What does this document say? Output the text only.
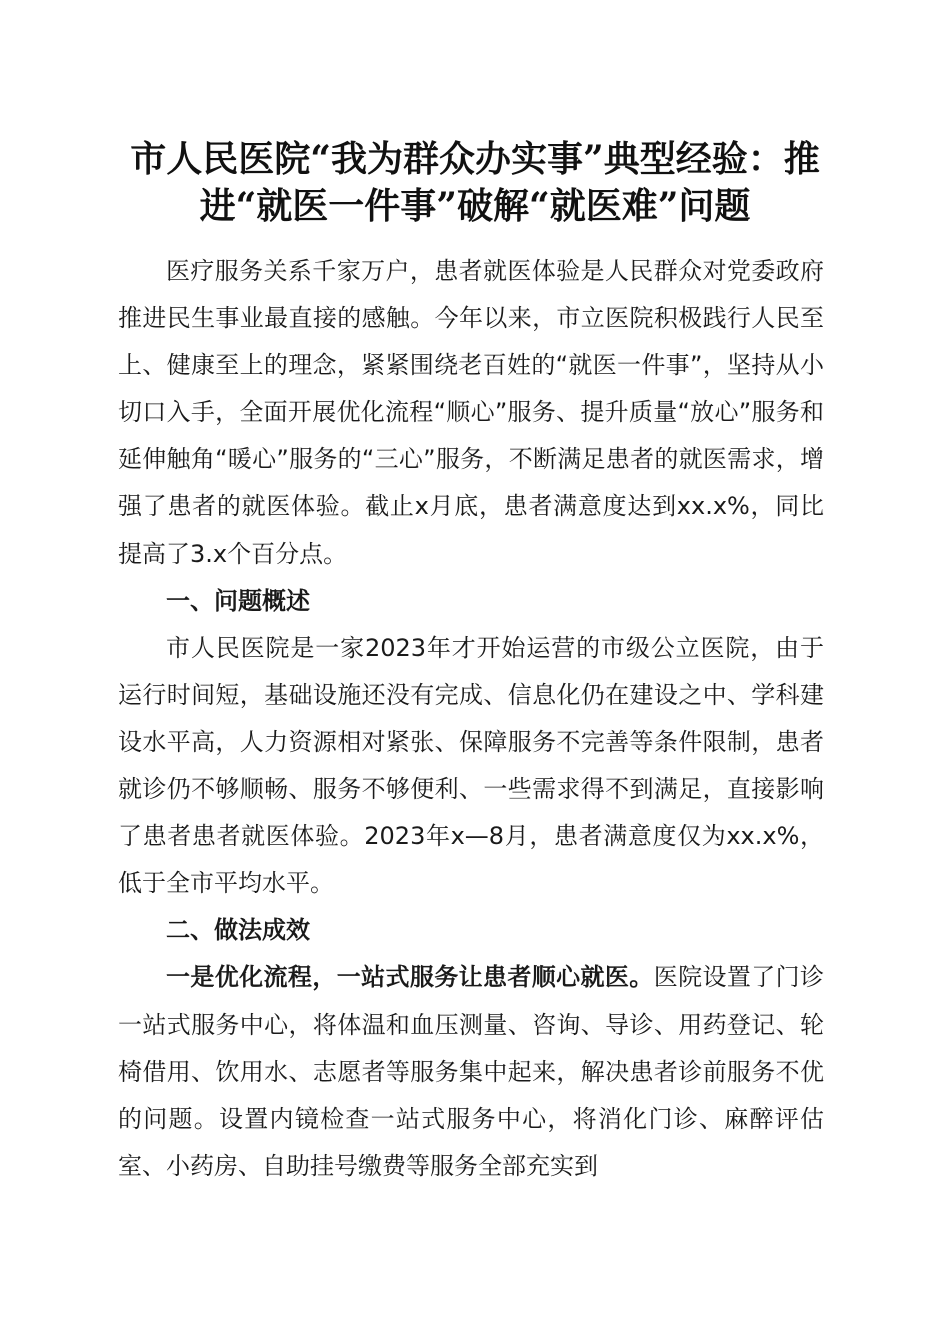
市人民医院“我为群众办实事”典型经验：推进“就医一件事”破解“就医难”问题

医疗服务关系千家万户，患者就医体验是人民群众对党委政府推进民生事业最直接的感触。今年以来，市立医院积极践行人民至上、健康至上的理念，紧紧围绕老百姓的“就医一件事”，坚持从小切口入手，全面开展优化流程“顺心”服务、提升质量“放心”服务和延伸触角“暖心”服务的“三心”服务，不断满足患者的就医需求，增强了患者的就医体验。截止x月底，患者满意度达到xx.x%，同比提高了3.x个百分点。

一、问题概述

市人民医院是一家2023年才开始运营的市级公立医院，由于运行时间短，基础设施还没有完成、信息化仍在建设之中、学科建设水平高，人力资源相对紧张、保障服务不完善等条件限制，患者就诊仍不够顺畅、服务不够便利、一些需求得不到满足，直接影响了患者患者就医体验。2023年x—8月，患者满意度仅为xx.x%，低于全市平均水平。

二、做法成效

一是优化流程，一站式服务让患者顺心就医。医院设置了门诊一站式服务中心，将体温和血压测量、咨询、导诊、用药登记、轮椅借用、饮用水、志愿者等服务集中起来，解决患者诊前服务不优的问题。设置内镜检查一站式服务中心，将消化门诊、麻醉评估室、小药房、自助挂号缴费等服务全部充实到
